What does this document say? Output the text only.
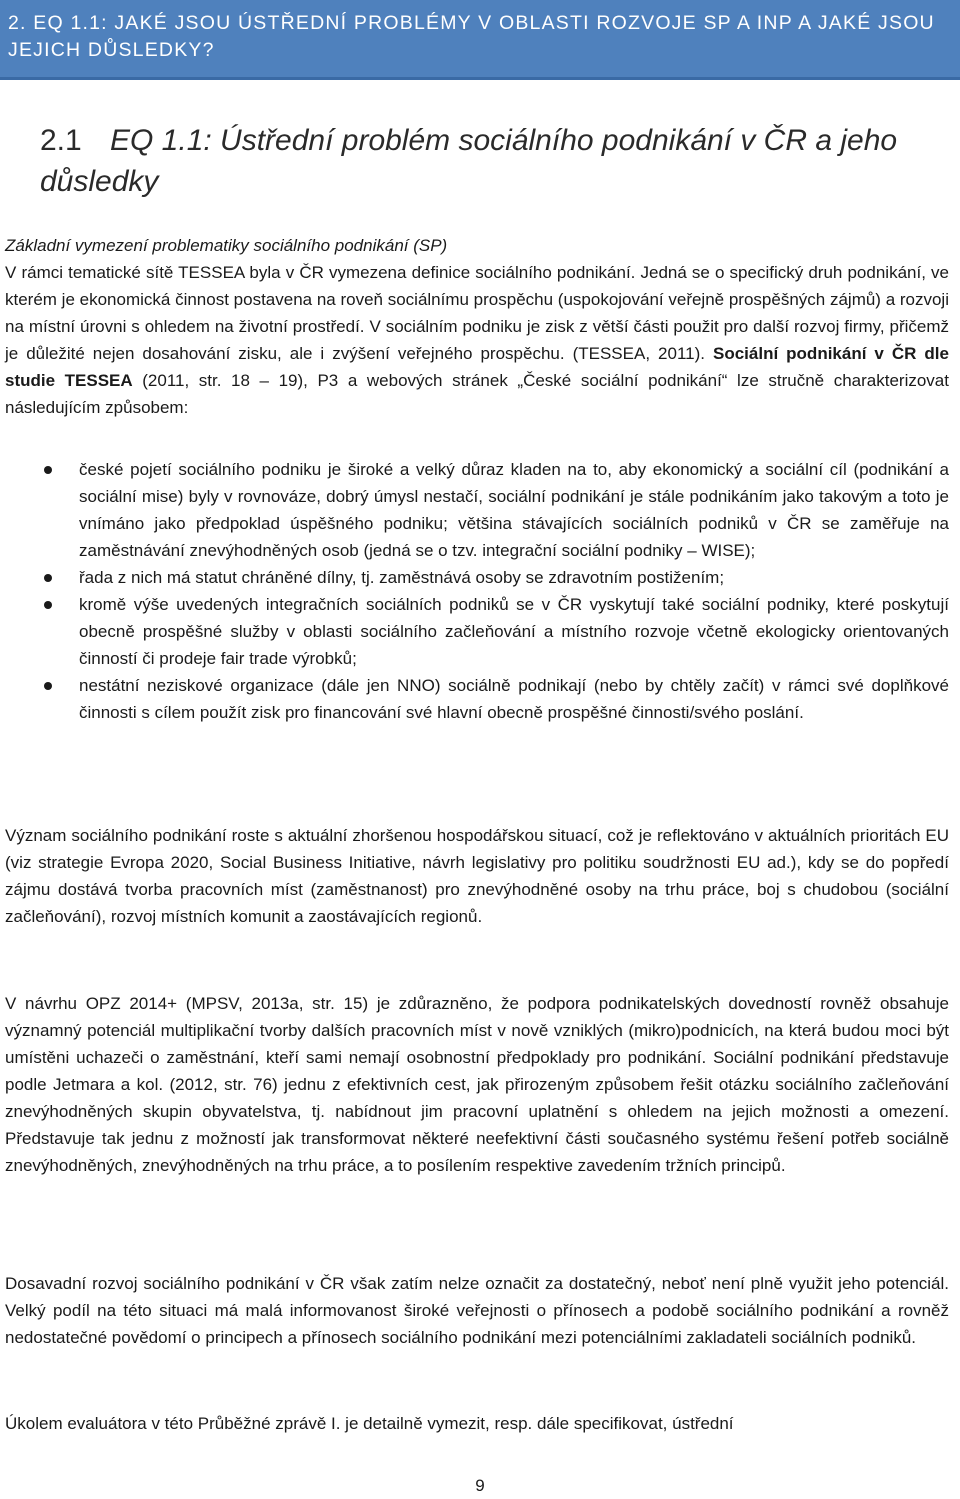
2. EQ 1.1: JAKÉ JSOU ÚSTŘEDNÍ PROBLÉMY V OBLASTI ROZVOJE SP A INP A JAKÉ JSOU JEJICH DŮSLEDKY?
2.1 EQ 1.1: Ústřední problém sociálního podnikání v ČR a jeho
důsledky
Základní vymezení problematiky sociálního podnikání (SP)
V rámci tematické sítě TESSEA byla v ČR vymezena definice sociálního podnikání. Jedná se o specifický druh podnikání, ve kterém je ekonomická činnost postavena na roveň sociálnímu prospěchu (uspokojování veřejně prospěšných zájmů) a rozvoji na místní úrovni s ohledem na životní prostředí. V sociálním podniku je zisk z větší části použit pro další rozvoj firmy, přičemž je důležité nejen dosahování zisku, ale i zvýšení veřejného prospěchu. (TESSEA, 2011). Sociální podnikání v ČR dle studie TESSEA (2011, str. 18 – 19), P3 a webových stránek „České sociální podnikání“ lze stručně charakterizovat následujícím způsobem:
české pojetí sociálního podniku je široké a velký důraz kladen na to, aby ekonomický a sociální cíl (podnikání a sociální mise) byly v rovnováze, dobrý úmysl nestačí, sociální podnikání je stále podnikáním jako takovým a toto je vnímáno jako předpoklad úspěšného podniku; většina stávajících sociálních podniků v ČR se zaměřuje na zaměstnávání znevýhodněných osob (jedná se o tzv. integrační sociální podniky – WISE);
řada z nich má statut chráněné dílny, tj. zaměstnává osoby se zdravotním postižením;
kromě výše uvedených integračních sociálních podniků se v ČR vyskytují také sociální podniky, které poskytují obecně prospěšné služby v oblasti sociálního začleňování a místního rozvoje včetně ekologicky orientovaných činností či prodeje fair trade výrobků;
nestátní neziskové organizace (dále jen NNO) sociálně podnikají (nebo by chtěly začít) v rámci své doplňkové činnosti s cílem použít zisk pro financování své hlavní obecně prospěšné činnosti/svého poslání.
Význam sociálního podnikání roste s aktuální zhoršenou hospodářskou situací, což je reflektováno v aktuálních prioritách EU (viz strategie Evropa 2020, Social Business Initiative, návrh legislativy pro politiku soudržnosti EU ad.), kdy se do popředí zájmu dostává tvorba pracovních míst (zaměstnanost) pro znevýhodněné osoby na trhu práce, boj s chudobou (sociální začleňování), rozvoj místních komunit a zaostávajících regionů.
V návrhu OPZ 2014+ (MPSV, 2013a, str. 15) je zdůrazněno, že podpora podnikatelských dovedností rovněž obsahuje významný potenciál multiplikační tvorby dalších pracovních míst v nově vzniklých (mikro)podnicích, na která budou moci být umístěni uchazeči o zaměstnání, kteří sami nemají osobnostní předpoklady pro podnikání. Sociální podnikání představuje podle Jetmara a kol. (2012, str. 76) jednu z efektivních cest, jak přirozeným způsobem řešit otázku sociálního začleňování znevýhodněných skupin obyvatelstva, tj. nabídnout jim pracovní uplatnění s ohledem na jejich možnosti a omezení. Představuje tak jednu z možností jak transformovat některé neefektivní části současného systému řešení potřeb sociálně znevýhodněných, znevýhodněných na trhu práce, a to posílením respektive zavedením tržních principů.
Dosavadní rozvoj sociálního podnikání v ČR však zatím nelze označit za dostatečný, neboť není plně využit jeho potenciál. Velký podíl na této situaci má malá informovanost široké veřejnosti o přínosech a podobě sociálního podnikání a rovněž nedostatečné povědomí o principech a přínosech sociálního podnikání mezi potenciálními zakladateli sociálních podniků.
Úkolem evaluátora v této Průběžné zprávě I. je detailně vymezit, resp. dále specifikovat, ústřední
9
